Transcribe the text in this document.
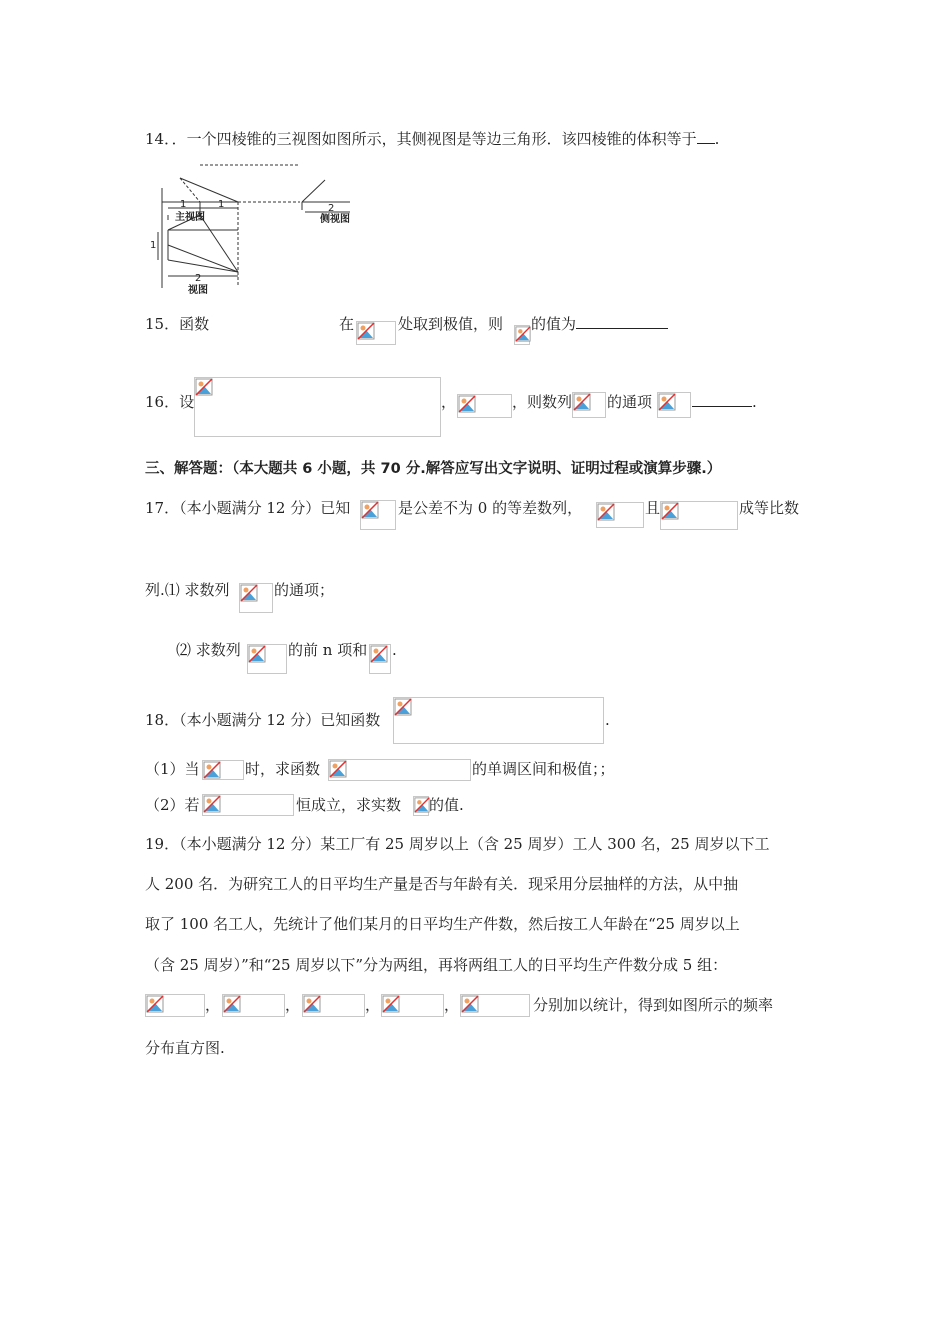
14．．一个四棱锥的三视图如图所示，其侧视图是等边三角形．该四棱锥的体积等于 .
1	1
主视图
2
侧视图
1
2
视图
15．函数	在	处取到极值，则 的值为
16．设	，	，则数列 的通项	.
三、解答题：（本大题共 6 小题，共 70 分.解答应写出文字说明、证明过程或演算步骤.）
17．（本小题满分 12 分）已知	是公差不为 0 的等差数列，	且	成等比数
列.⑴ 求数列	的通项；
⑵ 求数列	的前 n 项和 .
18．（本小题满分 12 分）已知函数	.
（1）当	时，求函数	的单调区间和极值；；
（2）若	恒成立，求实数 的值.
19．（本小题满分 12 分）某工厂有 25 周岁以上（含 25 周岁）工人 300 名，25 周岁以下工
人 200 名．为研究工人的日平均生产量是否与年龄有关．现采用分层抽样的方法，从中抽
取了 100 名工人，先统计了他们某月的日平均生产件数，然后按工人年龄在“25 周岁以上
（含 25 周岁）”和“25 周岁以下”分为两组，再将两组工人的日平均生产件数分成 5 组：
，	，	，	，	分别加以统计，得到如图所示的频率
分布直方图.
